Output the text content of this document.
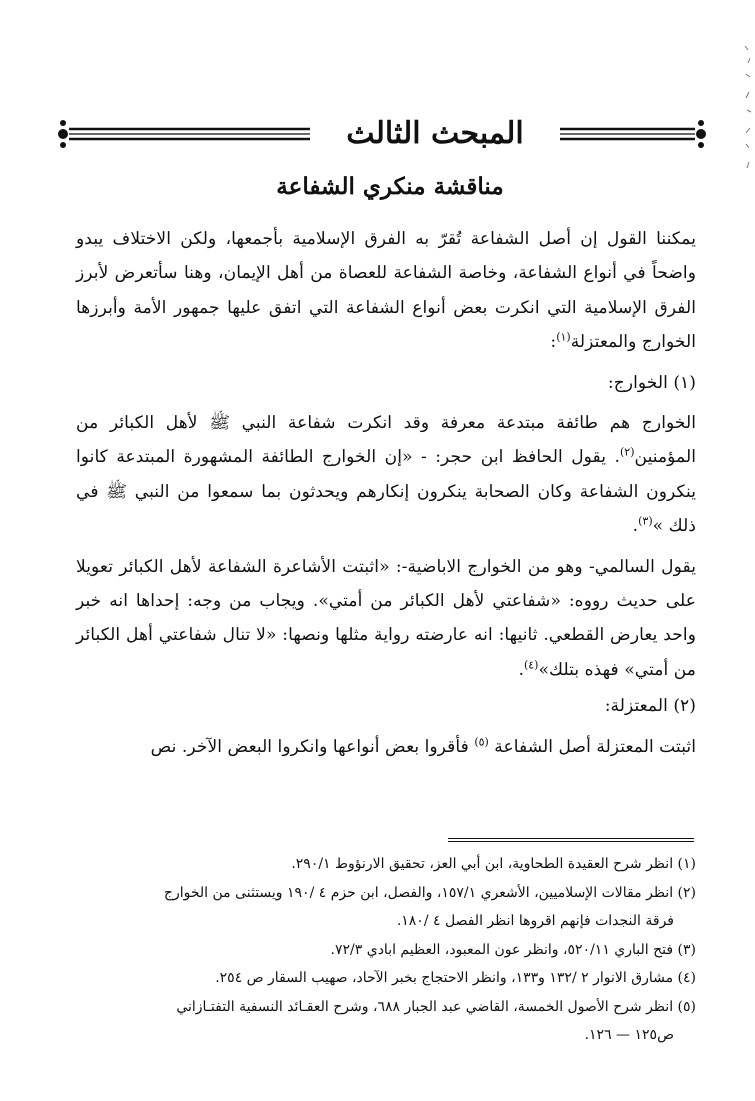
المبحث الثالث
مناقشة منكري الشفاعة

يمكننا القول إن أصل الشفاعة تُقرّ به الفرق الإسلامية بأجمعها، ولكن الاختلاف يبدو واضحاً في أنواع الشفاعة، وخاصة الشفاعة للعصاة من أهل الإيمان، وهنا سأتعرض لأبرز الفرق الإسلامية التي انكرت بعض أنواع الشفاعة التي اتفق عليها جمهور الأمة وأبرزها الخوارج والمعتزلة$^{(١)}$:

(١) الخوارج:

الخوارج هم طائفة مبتدعة معرفة وقد انكرت شفاعة النبي ﷺ لأهل الكبائر من المؤمنين$^{(٢)}$. يقول الحافظ ابن حجر: - «إن الخوارج الطائفة المشهورة المبتدعة كانوا ينكرون الشفاعة وكان الصحابة ينكرون إنكارهم ويحدثون بما سمعوا من النبي ﷺ في ذلك »$^{(٣)}$.

يقول السالمي- وهو من الخوارج الاباضية-: «اثبتت الأشاعرة الشفاعة لأهل الكبائر تعويلا على حديث رووه: «شفاعتي لأهل الكبائر من أمتي». ويجاب من وجه: إحداها انه خبر واحد يعارض القطعي. ثانيها: انه عارضته رواية مثلها ونصها: «لا تنال شفاعتي أهل الكبائر من أمتي» فهذه بتلك»$^{(٤)}$.

(٢) المعتزلة:

اثبتت المعتزلة أصل الشفاعة $^{(٥)}$ فأقروا بعض أنواعها وانكروا البعض الآخر. نص

(١) انظر شرح العقيدة الطحاوية، ابن أبي العز، تحقيق الارنؤوط ٢٩٠/١.

(٢) انظر مقالات الإسلاميين، الأشعري ١٥٧/١، والفصل، ابن حزم ٤ /١٩٠ ويستثنى من الخوارج

فرقة النجدات فإنهم اقروها انظر الفصل ٤ /١٨٠.

(٣) فتح الباري ٥٢٠/١١، وانظر عون المعبود، العظيم ابادي ٧٢/٣.

(٤) مشارق الانوار ٢ /١٣٢ و١٣٣، وانظر الاحتجاج بخبر الآحاد، صهيب السقار ص ٢٥٤.

(٥) انظر شرح الأصول الخمسة، القاضي عبد الجبار ٦٨٨، وشرح العقـائد النسفية التفتـازاني

ص١٢٥ — ١٢٦.
